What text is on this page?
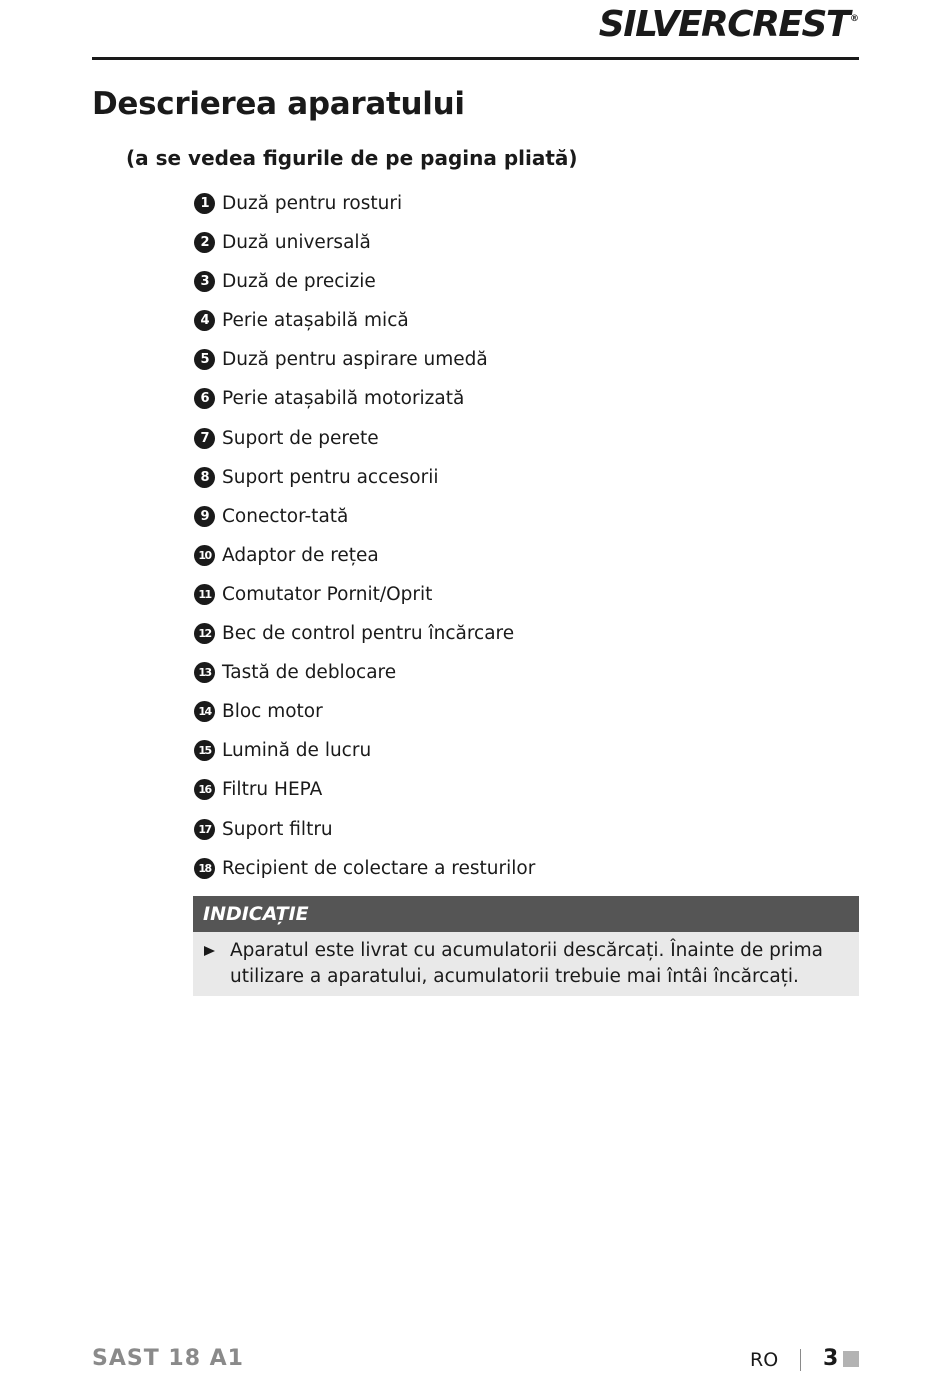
SILVERCREST®
Descrierea aparatului
(a se vedea figurile de pe pagina pliată)
1 Duză pentru rosturi
2 Duză universală
3 Duză de precizie
4 Perie atașabilă mică
5 Duză pentru aspirare umedă
6 Perie atașabilă motorizată
7 Suport de perete
8 Suport pentru accesorii
9 Conector-tată
10 Adaptor de rețea
11 Comutator Pornit/Oprit
12 Bec de control pentru încărcare
13 Tastă de deblocare
14 Bloc motor
15 Lumină de lucru
16 Filtru HEPA
17 Suport filtru
18 Recipient de colectare a resturilor
INDICAȚIE
Aparatul este livrat cu acumulatorii descărcați. Înainte de prima utilizare a aparatului, acumulatorii trebuie mai întâi încărcați.
SAST 18 A1	RO 3
